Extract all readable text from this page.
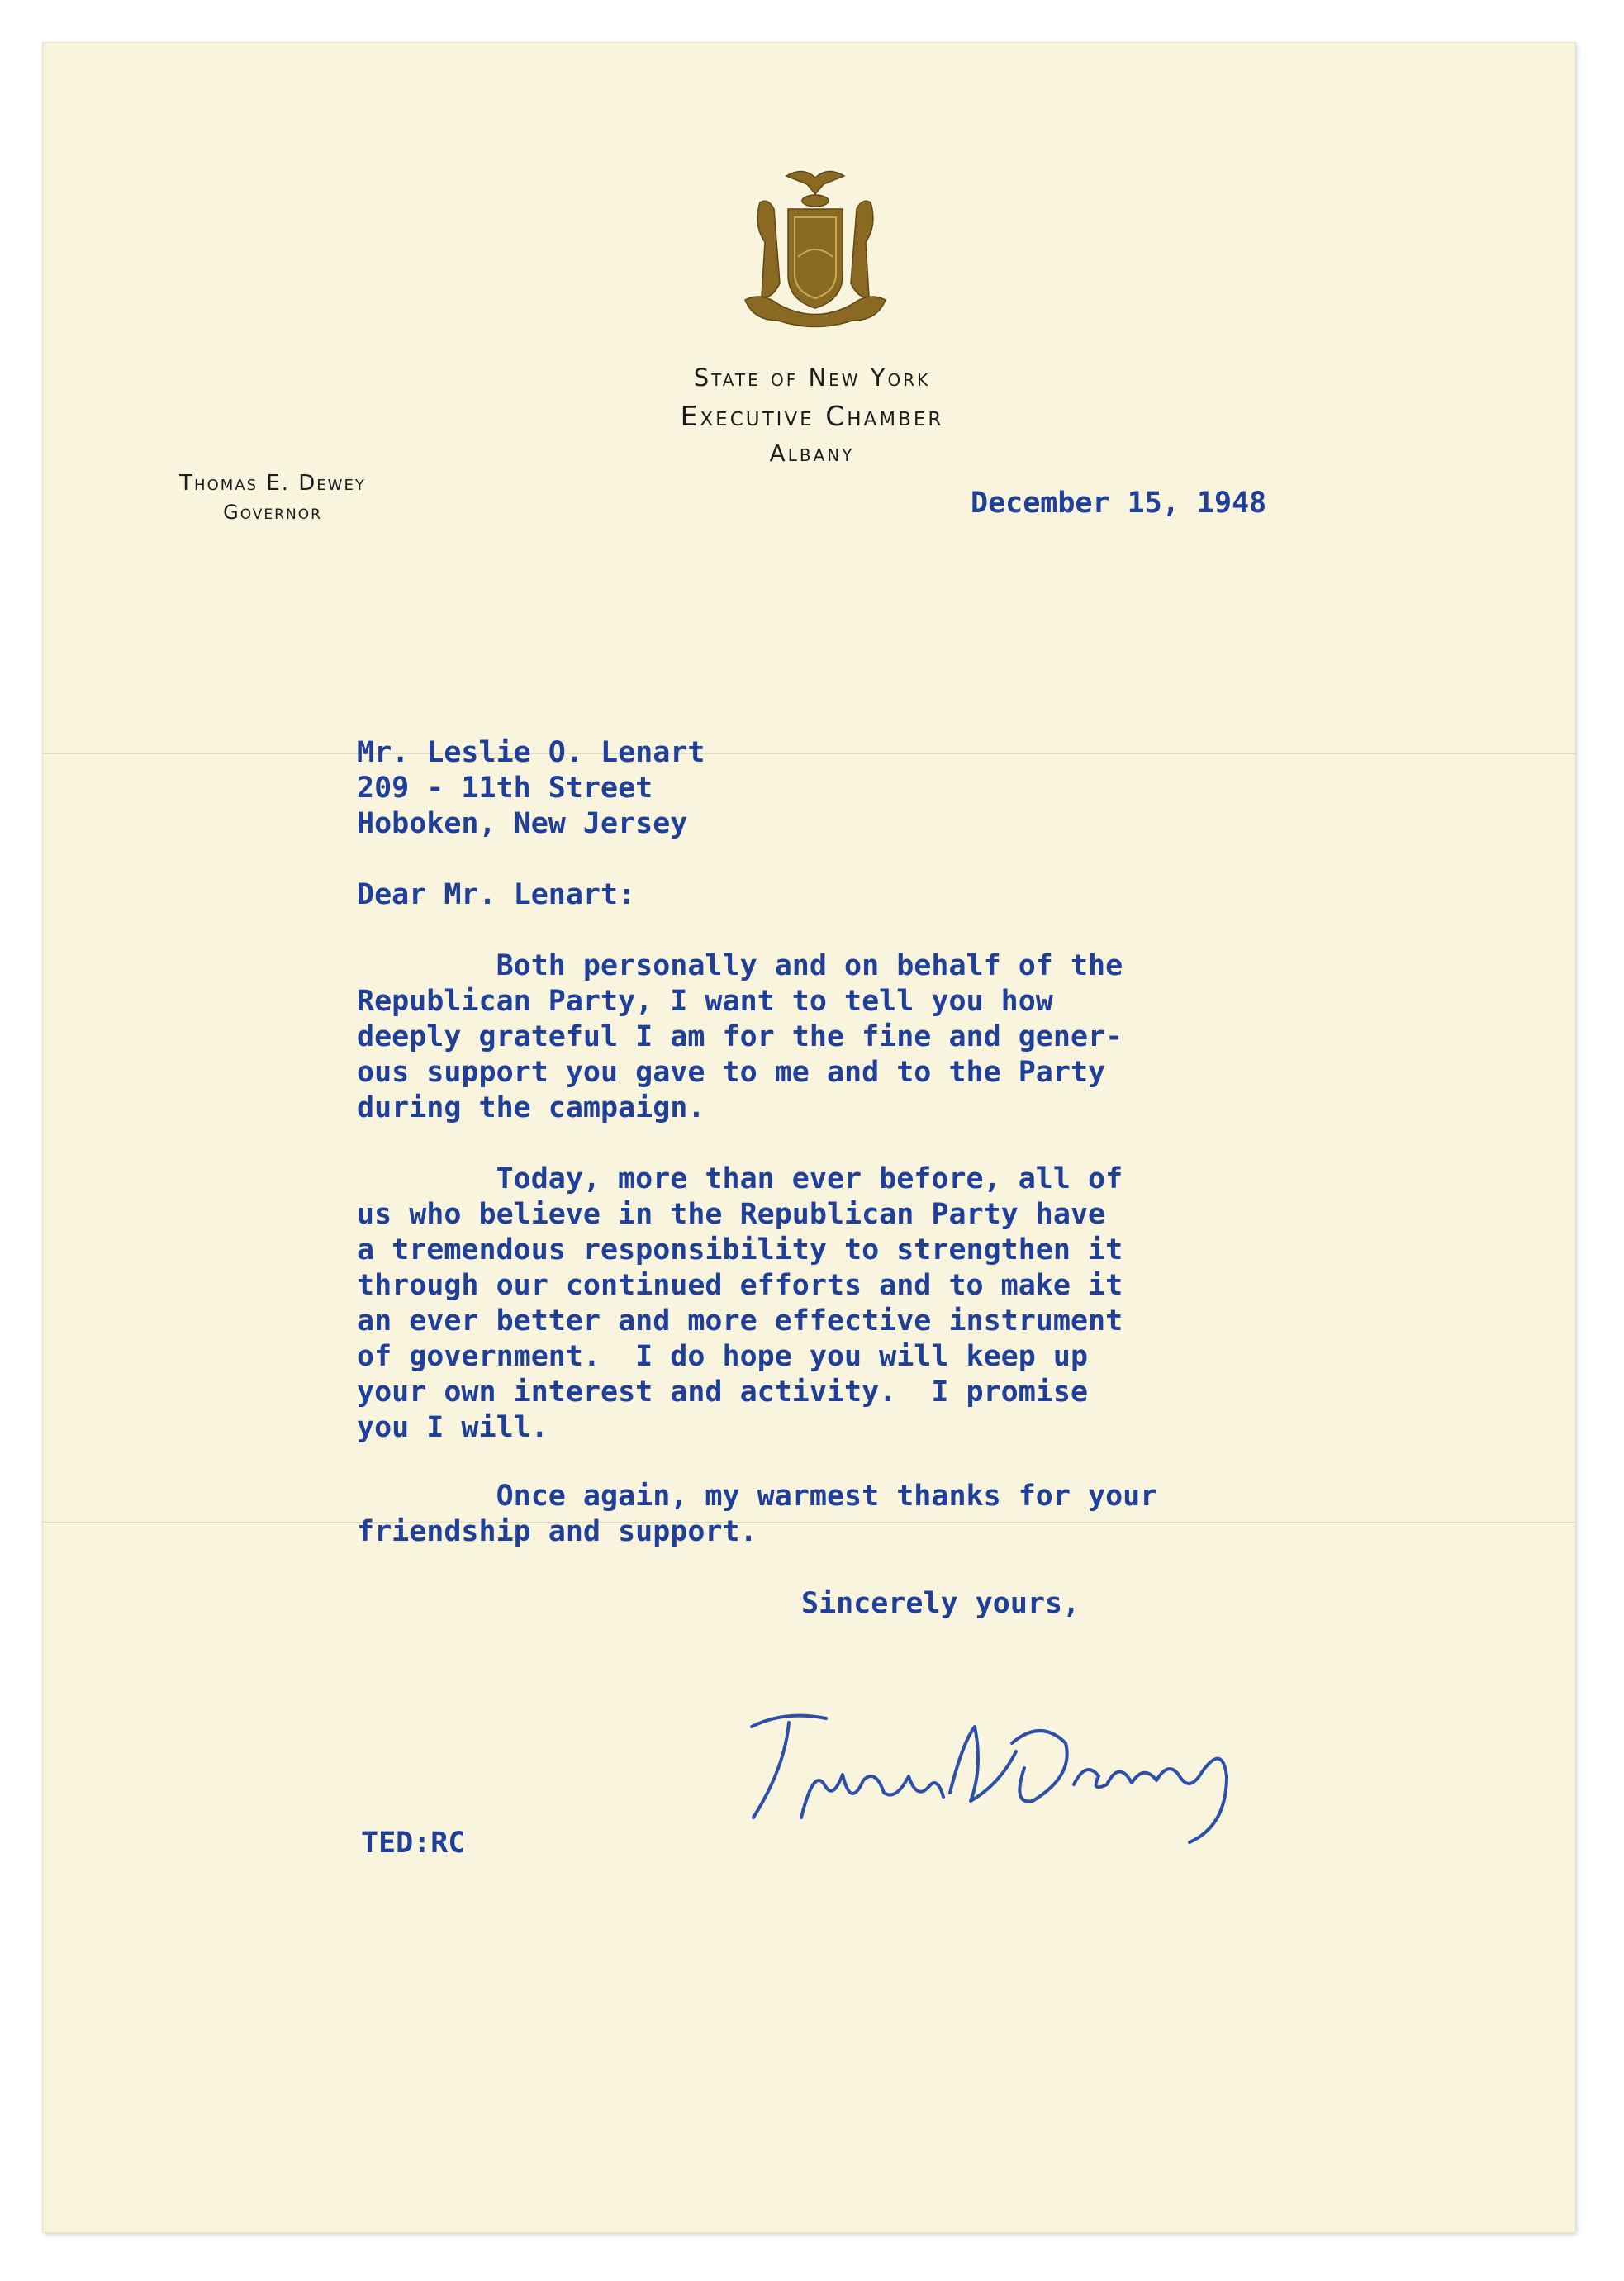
State of New York
Executive Chamber
Albany
Thomas E. Dewey
Governor	December 15, 1948
Mr. Leslie O. Lenart
209 - 11th Street
Hoboken, New Jersey
Dear Mr. Lenart:
Both personally and on behalf of the
Republican Party, I want to tell you how
deeply grateful I am for the fine and gener-
ous support you gave to me and to the Party
during the campaign.
Today, more than ever before, all of
us who believe in the Republican Party have
a tremendous responsibility to strengthen it
through our continued efforts and to make it
an ever better and more effective instrument
of government.  I do hope you will keep up
your own interest and activity.  I promise
you I will.
Once again, my warmest thanks for your
friendship and support.
Sincerely yours,
TED:RC
